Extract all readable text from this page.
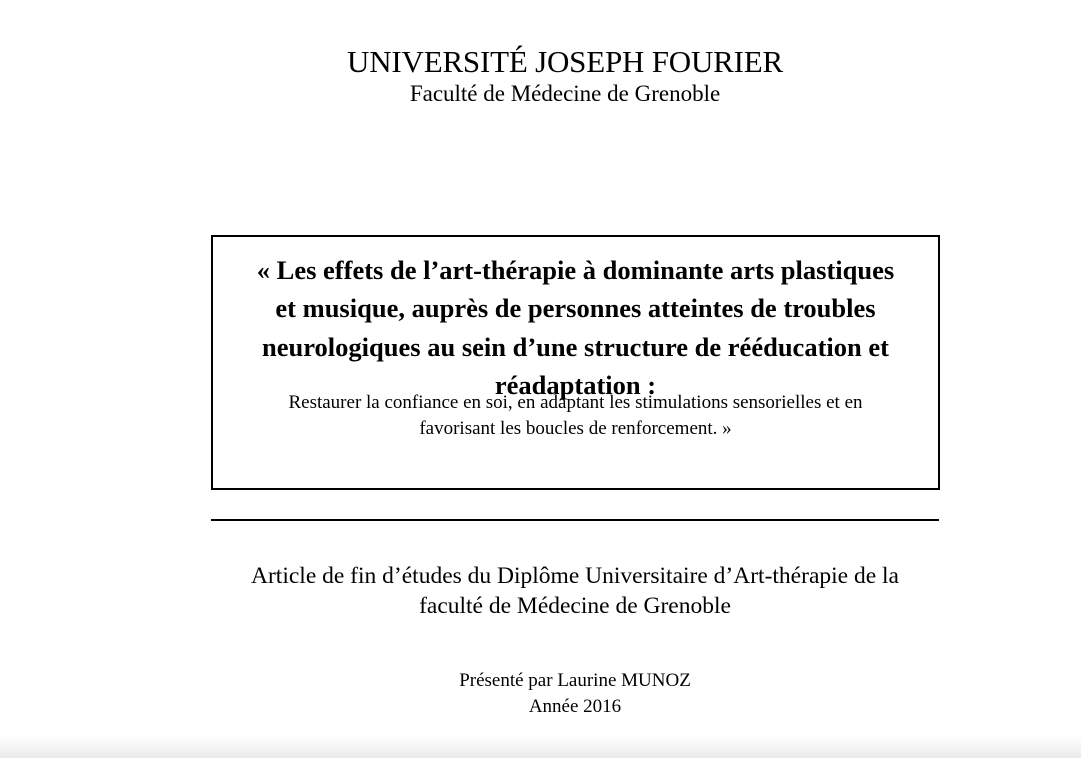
UNIVERSITÉ JOSEPH FOURIER
Faculté de Médecine de Grenoble
« Les effets de l’art-thérapie à dominante arts plastiques
et musique, auprès de personnes atteintes de troubles
neurologiques au sein d’une structure de rééducation et
réadaptation :
Restaurer la confiance en soi, en adaptant les stimulations sensorielles et en
favorisant les boucles de renforcement. »
Article de fin d’études du Diplôme Universitaire d’Art-thérapie de la
faculté de Médecine de Grenoble
Présenté par Laurine MUNOZ
Année 2016
